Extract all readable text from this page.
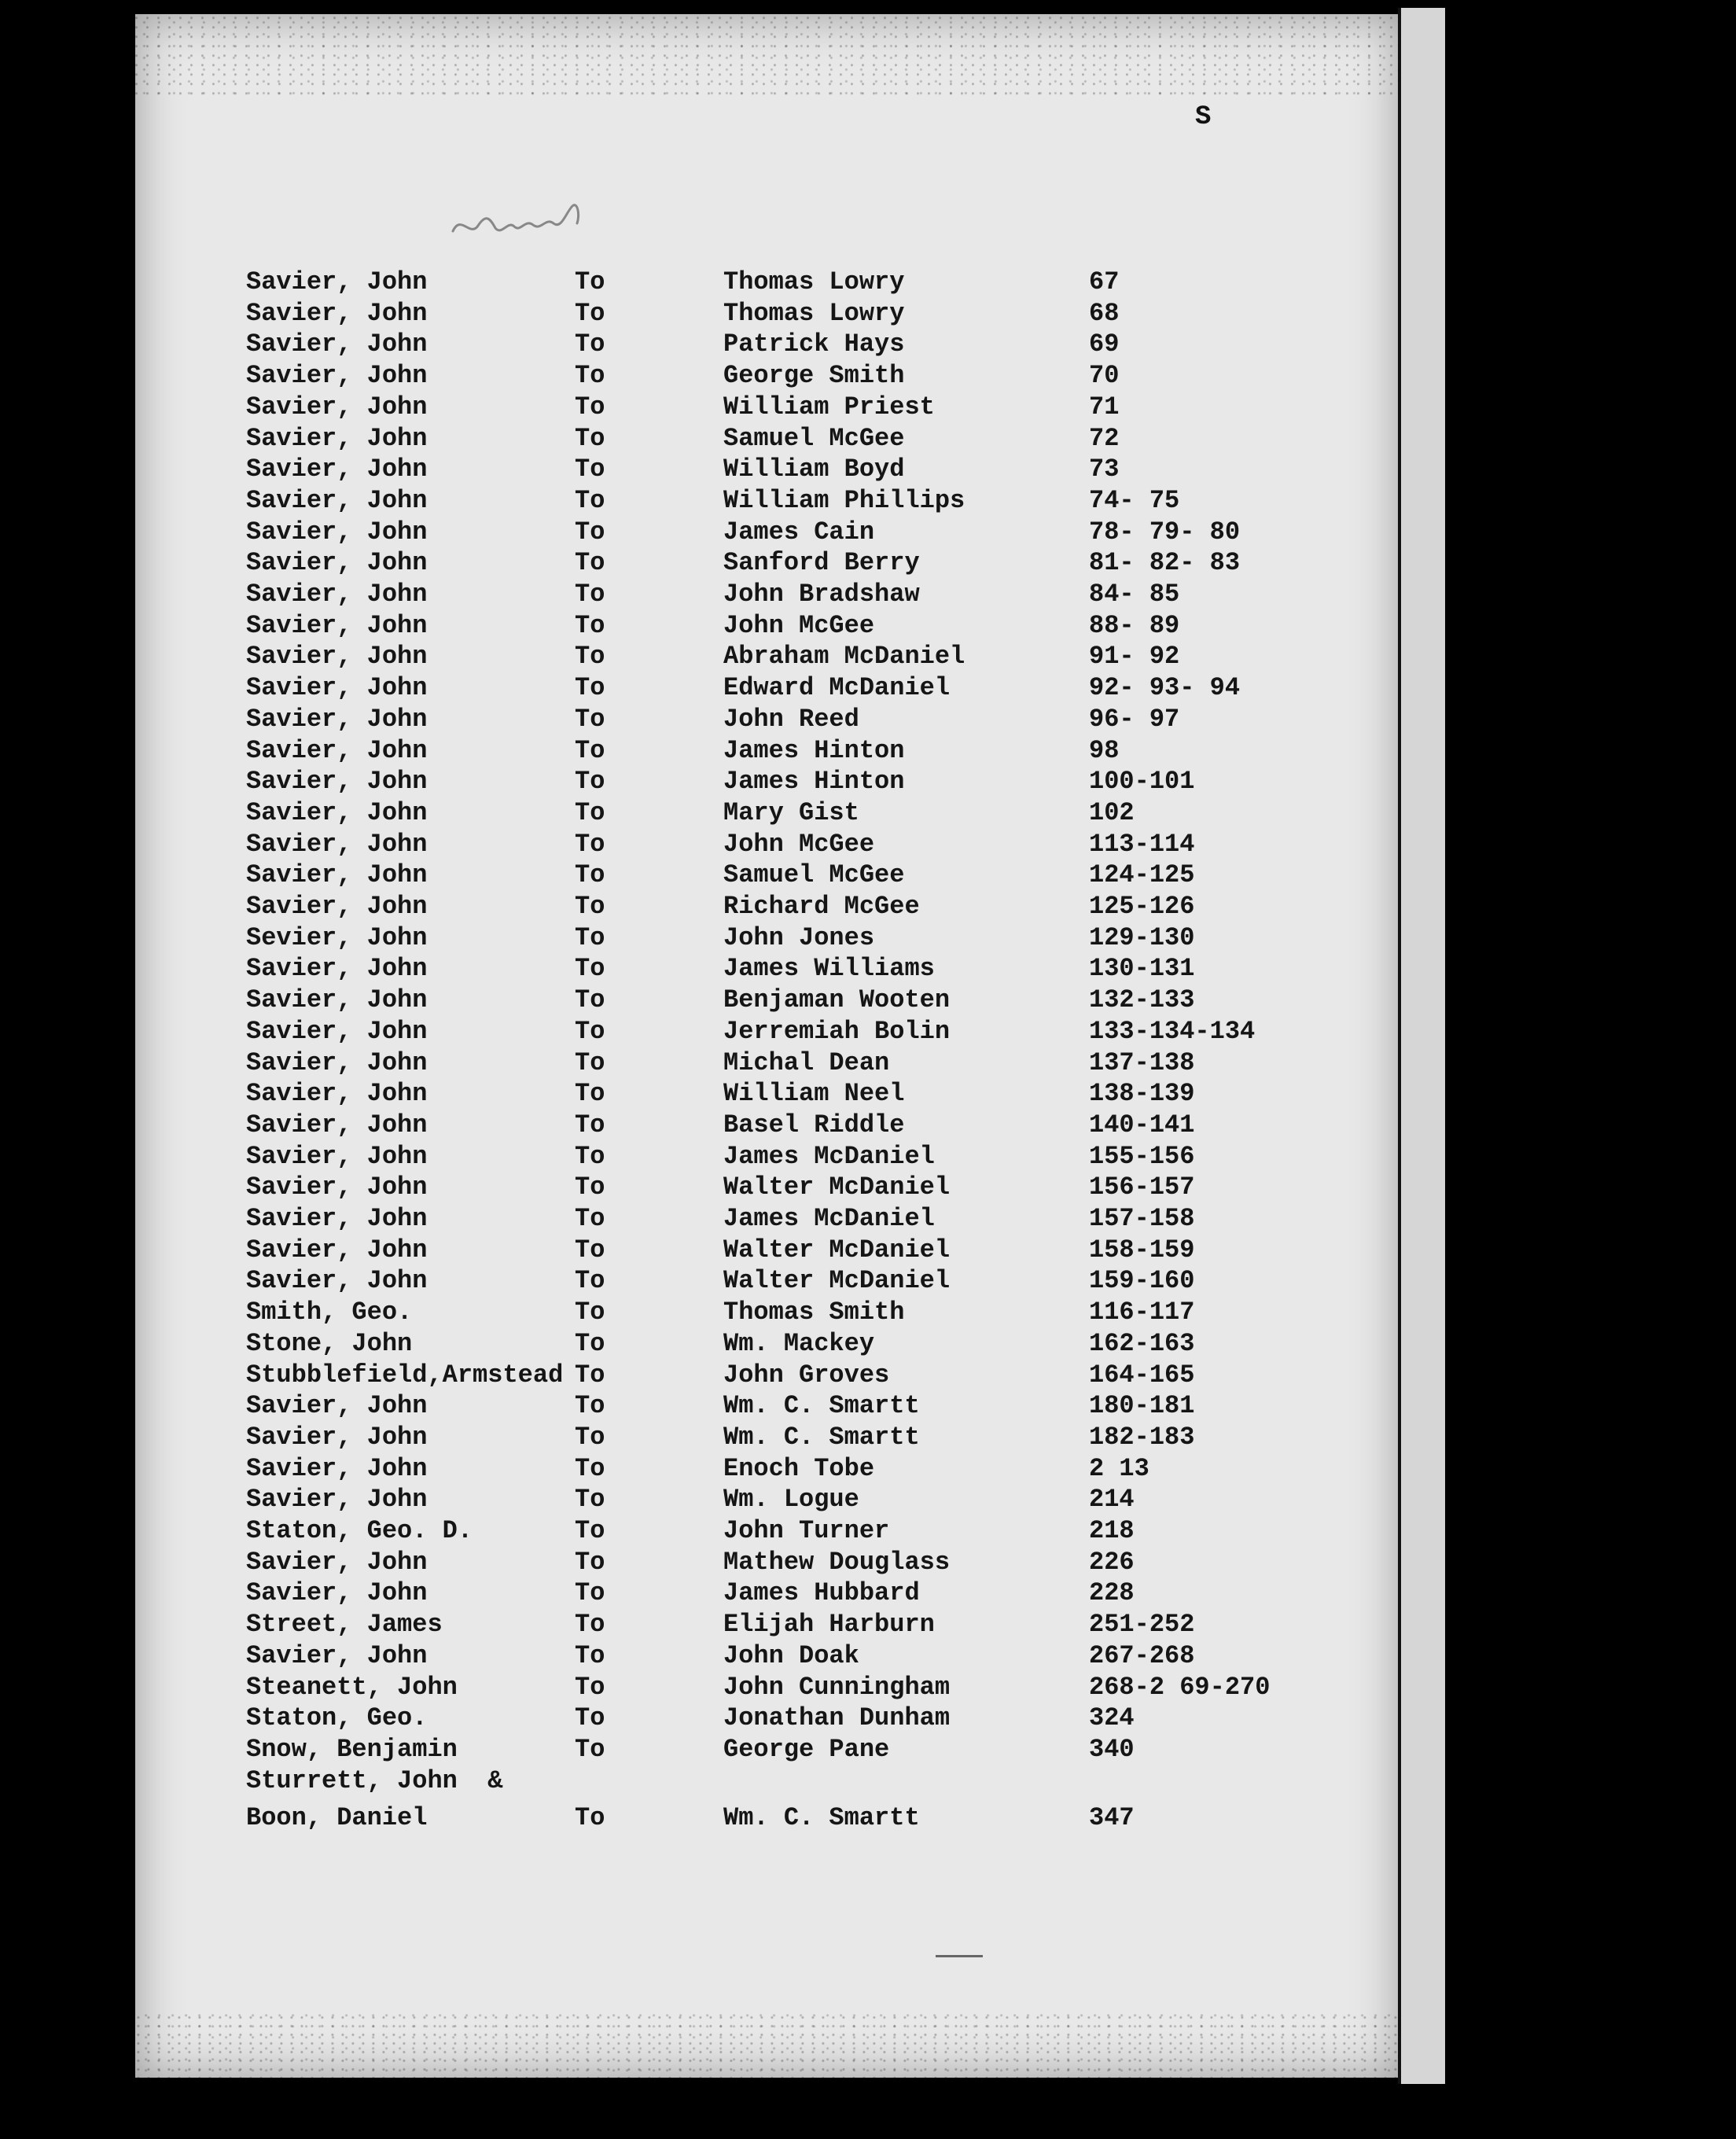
S
Savier, John	To	Thomas Lowry	67
Savier, John	To	Thomas Lowry	68
Savier, John	To	Patrick Hays	69
Savier, John	To	George Smith	70
Savier, John	To	William Priest	71
Savier, John	To	Samuel McGee	72
Savier, John	To	William Boyd	73
Savier, John	To	William Phillips	74- 75
Savier, John	To	James Cain	78- 79- 80
Savier, John	To	Sanford Berry	81- 82- 83
Savier, John	To	John Bradshaw	84- 85
Savier, John	To	John McGee	88- 89
Savier, John	To	Abraham McDaniel	91- 92
Savier, John	To	Edward McDaniel	92- 93- 94
Savier, John	To	John Reed	96- 97
Savier, John	To	James Hinton	98
Savier, John	To	James Hinton	100-101
Savier, John	To	Mary Gist	102
Savier, John	To	John McGee	113-114
Savier, John	To	Samuel McGee	124-125
Savier, John	To	Richard McGee	125-126
Sevier, John	To	John Jones	129-130
Savier, John	To	James Williams	130-131
Savier, John	To	Benjaman Wooten	132-133
Savier, John	To	Jerremiah Bolin	133-134-134
Savier, John	To	Michal Dean	137-138
Savier, John	To	William Neel	138-139
Savier, John	To	Basel Riddle	140-141
Savier, John	To	James McDaniel	155-156
Savier, John	To	Walter McDaniel	156-157
Savier, John	To	James McDaniel	157-158
Savier, John	To	Walter McDaniel	158-159
Savier, John	To	Walter McDaniel	159-160
Smith, Geo.	To	Thomas Smith	116-117
Stone, John	To	Wm. Mackey	162-163
Stubblefield,Armstead To	John Groves	164-165
Savier, John	To	Wm. C. Smartt	180-181
Savier, John	To	Wm. C. Smartt	182-183
Savier, John	To	Enoch Tobe	2 13
Savier, John	To	Wm. Logue	214
Staton, Geo. D.	To	John Turner	218
Savier, John	To	Mathew Douglass	226
Savier, John	To	James Hubbard	228
Street, James	To	Elijah Harburn	251-252
Savier, John	To	John Doak	267-268
Steanett, John	To	John Cunningham	268-2 69-270
Staton, Geo.	To	Jonathan Dunham	324
Snow, Benjamin	To	George Pane	340
Sturrett, John  &
Boon, Daniel	To	Wm. C. Smartt	347
